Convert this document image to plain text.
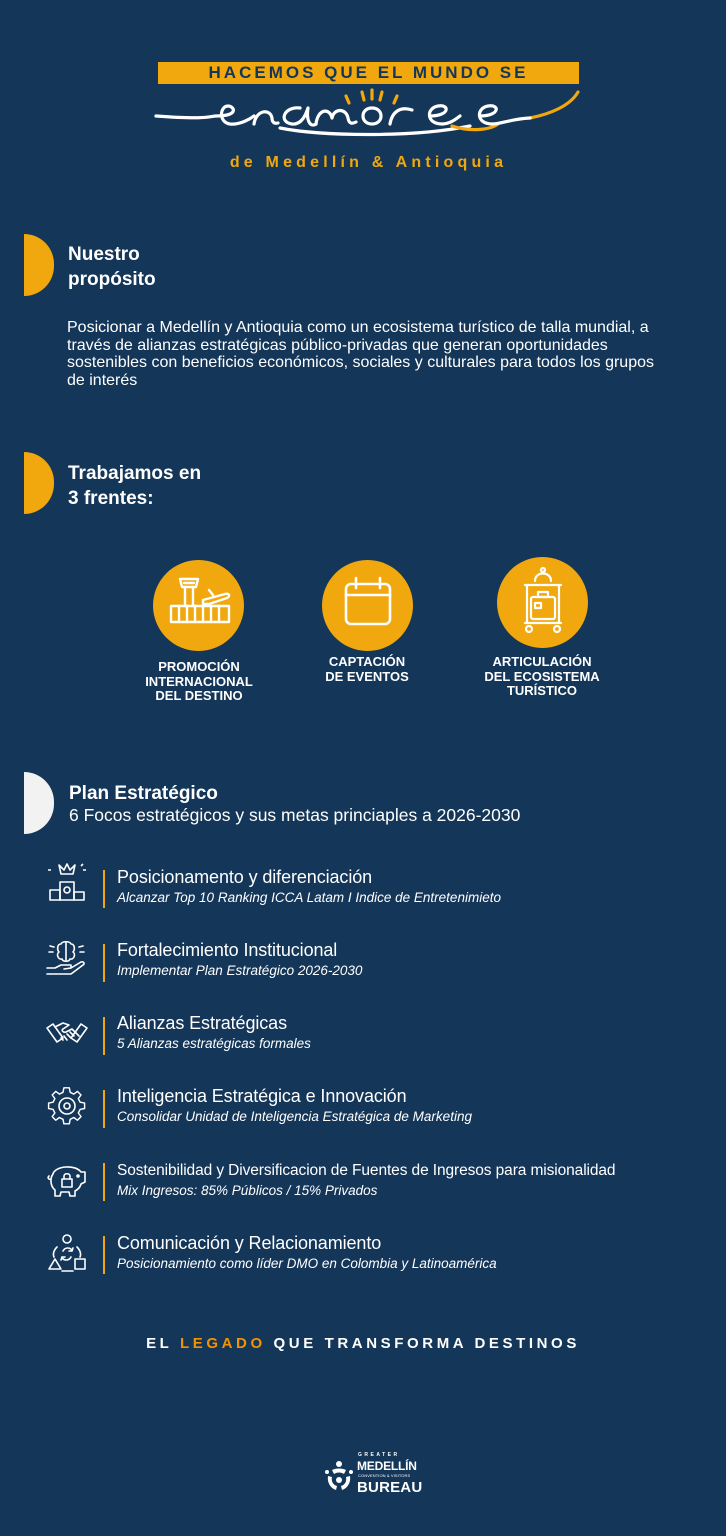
HACEMOS QUE EL MUNDO SE
de Medellín & Antioquia
Nuestro
propósito
Posicionar a Medellín y Antioquia como un ecosistema turístico de talla mundial, a través de alianzas estratégicas público-privadas que generan oportunidades sostenibles con beneficios económicos, sociales y culturales para todos los grupos de interés
Trabajamos en
3 frentes:
PROMOCIÓN
INTERNACIONAL
DEL DESTINO
CAPTACIÓN
DE EVENTOS
ARTICULACIÓN
DEL ECOSISTEMA
TURÍSTICO
Plan Estratégico
6 Focos estratégicos y sus metas princiaples a 2026-2030
Posicionamento y diferenciación
Alcanzar Top 10 Ranking ICCA Latam I Indice de Entretenimieto
Fortalecimiento Institucional
Implementar Plan Estratégico 2026-2030
Alianzas Estratégicas
5 Alianzas estratégicas formales
Inteligencia Estratégica e Innovación
Consolidar Unidad de Inteligencia Estratégica de Marketing
Sostenibilidad y Diversificacion de Fuentes de Ingresos para misionalidad
Mix Ingresos: 85% Públicos / 15% Privados
Comunicación y Relacionamiento
Posicionamiento como líder DMO en Colombia y Latinoamérica
EL LEGADO QUE TRANSFORMA DESTINOS
GREATER
MEDELLÍN
CONVENTION & VISITORS
BUREAU
